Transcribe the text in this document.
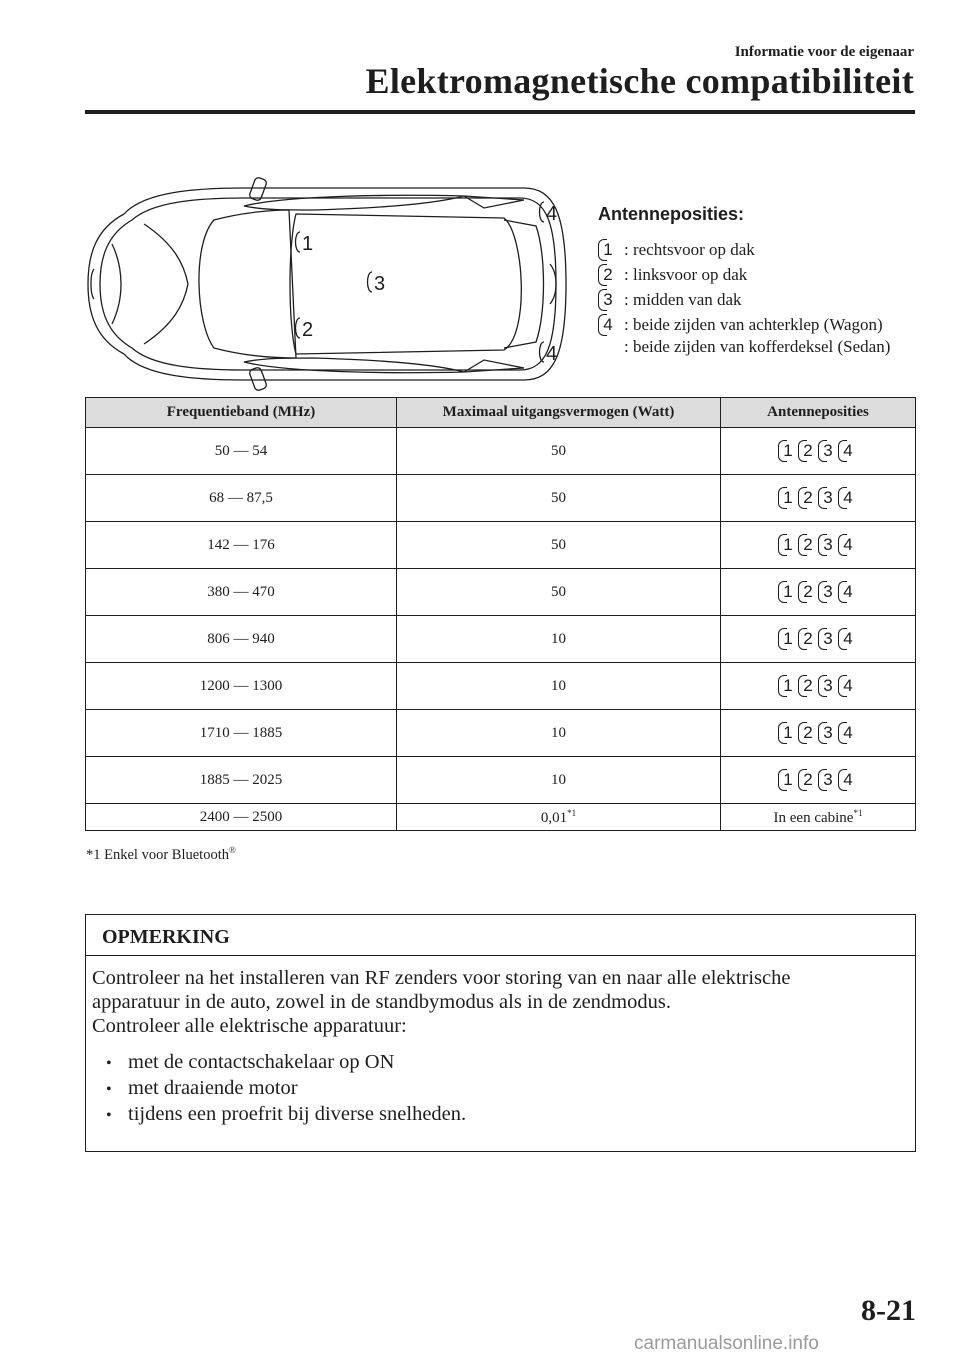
Informatie voor de eigenaar
Elektromagnetische compatibiliteit
1
2
3
4
4
Antenneposities:
1 : rechtsvoor op dak
2 : linksvoor op dak
3 : midden van dak
4 : beide zijden van achterklep (Wagon)
: beide zijden van kofferdeksel (Sedan)
Frequentieband (MHz)	Maximaal uitgangsvermogen (Watt)	Antenneposities
50 — 54	50	1 2 3 4
68 — 87,5	50	1 2 3 4
142 — 176	50	1 2 3 4
380 — 470	50	1 2 3 4
806 — 940	10	1 2 3 4
1200 — 1300	10	1 2 3 4
1710 — 1885	10	1 2 3 4
1885 — 2025	10	1 2 3 4
2400 — 2500	0,01$^{*1}$	In een cabine$^{*1}$
*1 Enkel voor Bluetooth®
OPMERKING

Controleer na het installeren van RF zenders voor storing van en naar alle elektrische

apparatuur in de auto, zowel in de standbymodus als in de zendmodus.

Controleer alle elektrische apparatuur:

• met de contactschakelaar op ON
• met draaiende motor
• tijdens een proefrit bij diverse snelheden.
8-21
carmanualsonline.info
